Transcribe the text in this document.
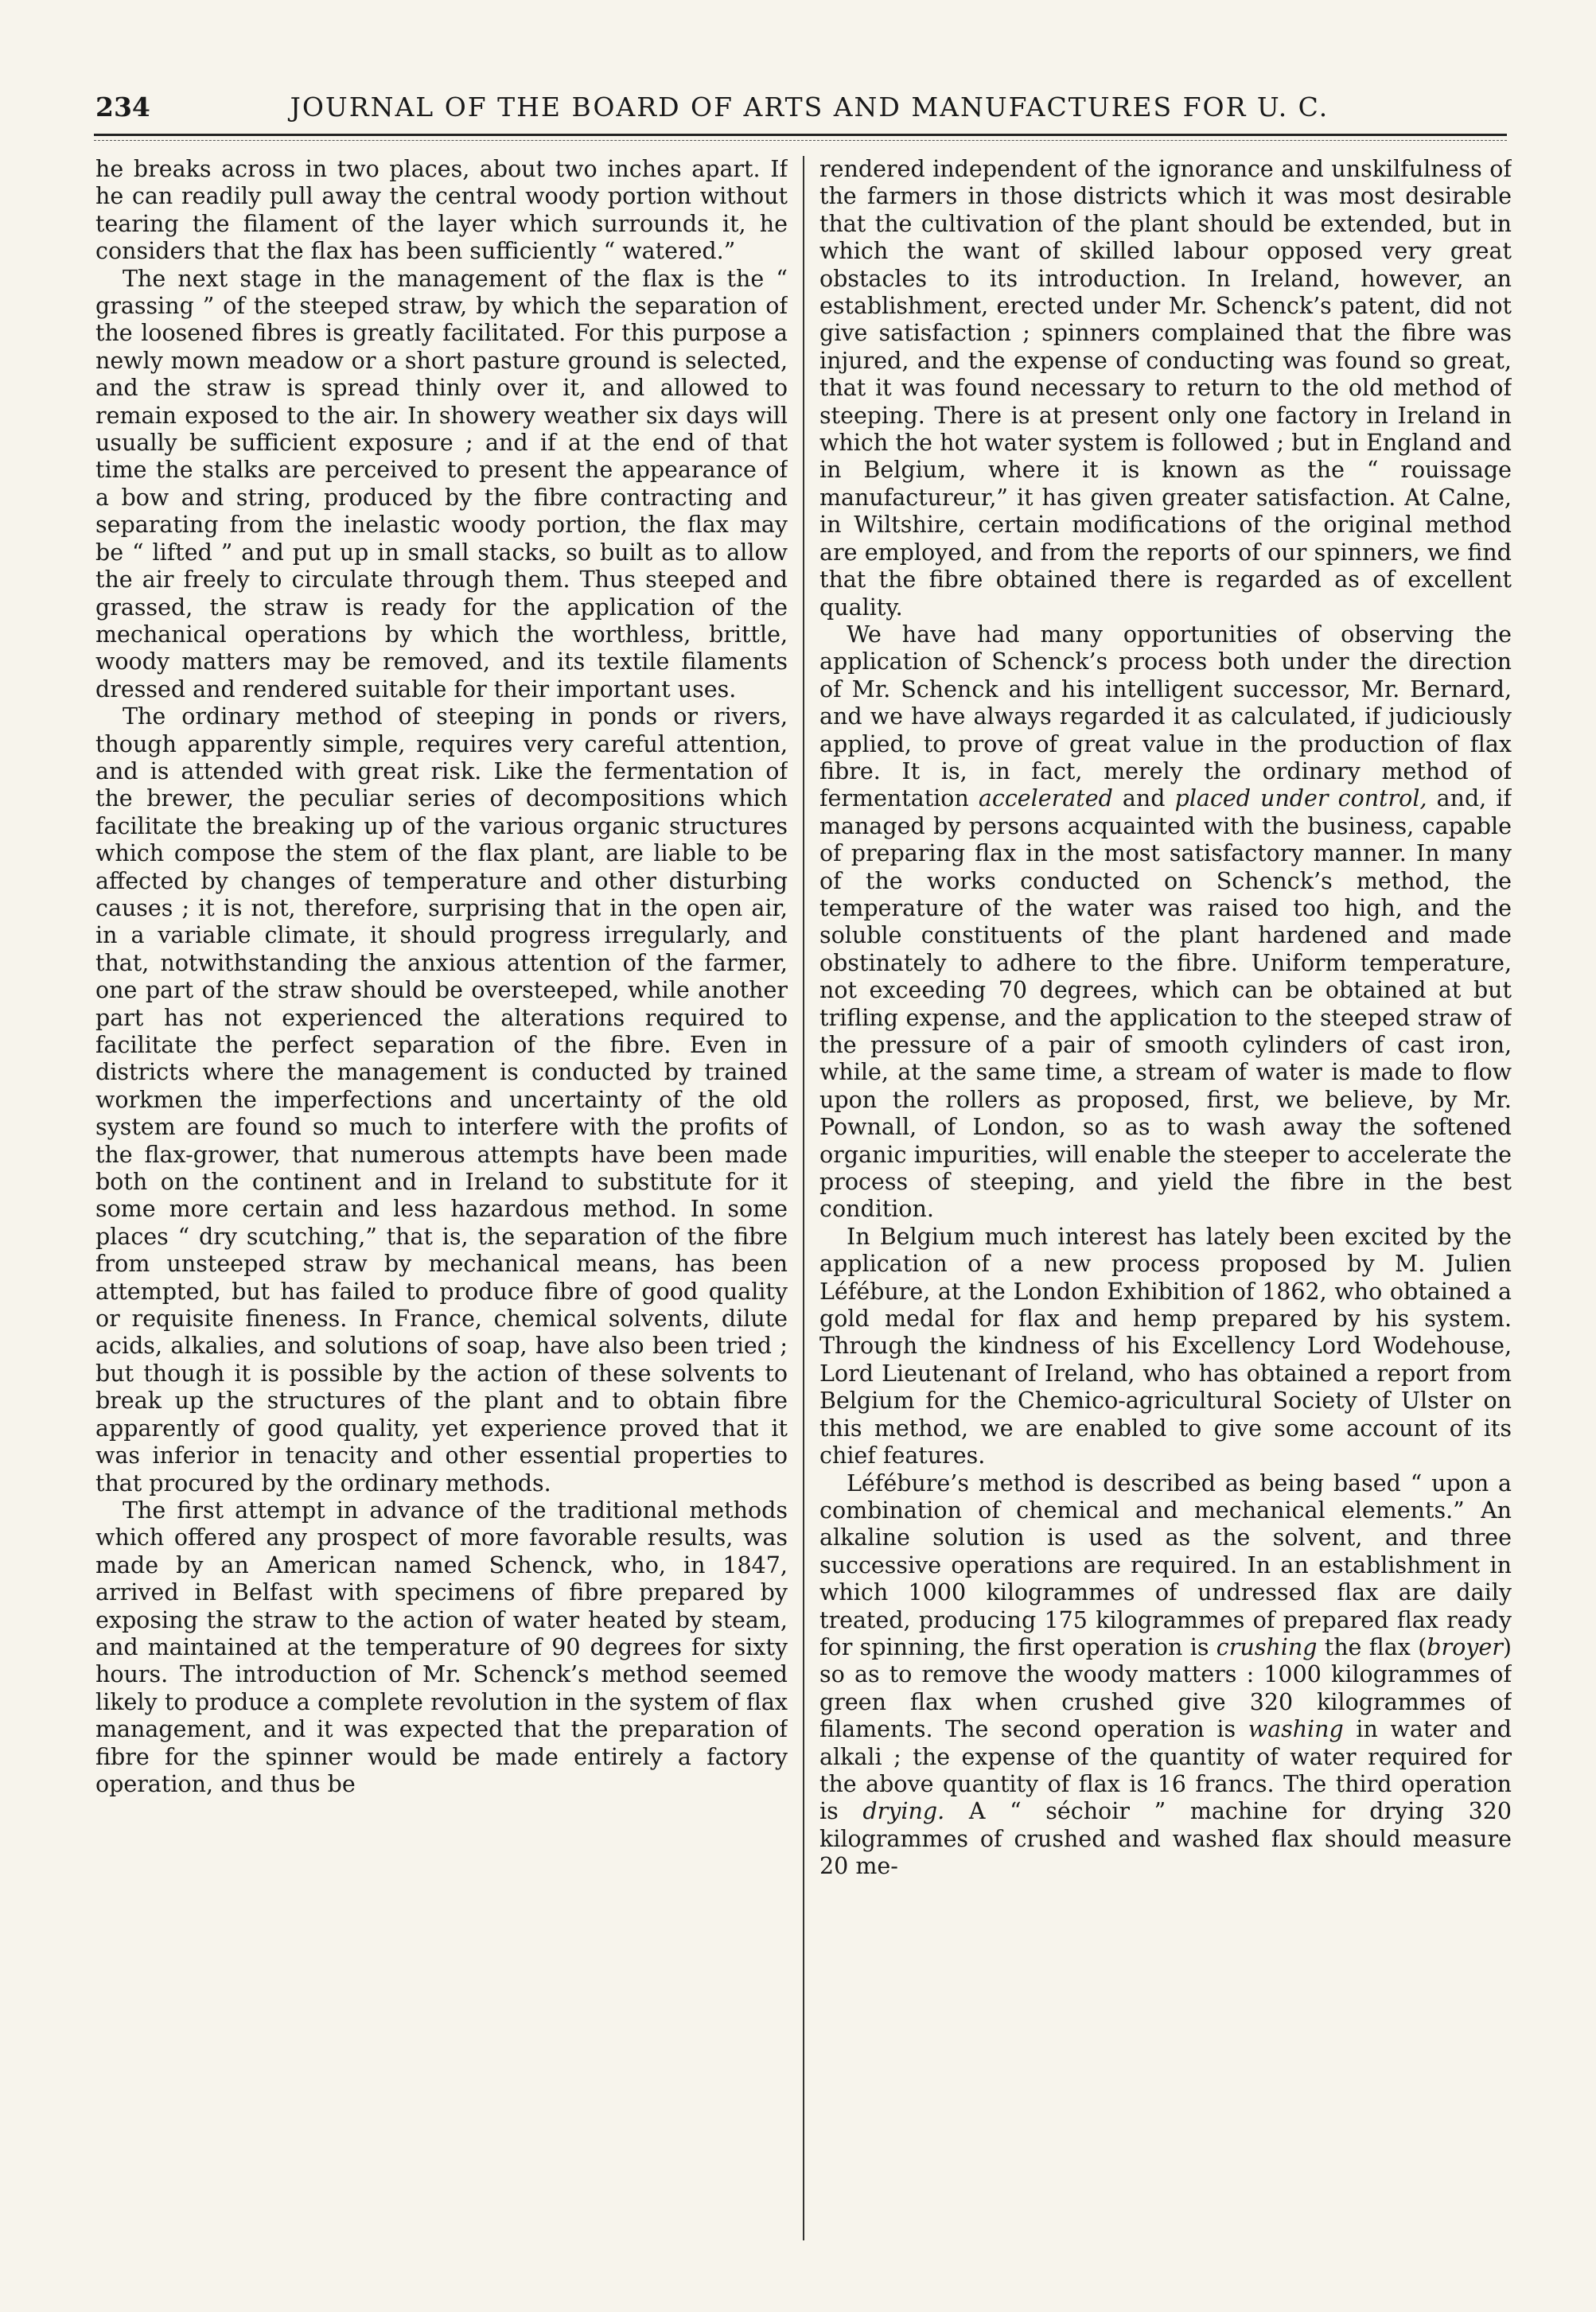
234	JOURNAL OF THE BOARD OF ARTS AND MANUFACTURES FOR U. C.

he breaks across in two places, about two inches apart. If he can readily pull away the central woody portion without tearing the filament of the layer which surrounds it, he considers that the flax has been sufficiently “ watered.”

The next stage in the management of the flax is the “ grassing ” of the steeped straw, by which the separation of the loosened fibres is greatly facilitated. For this purpose a newly mown meadow or a short pasture ground is selected, and the straw is spread thinly over it, and allowed to remain exposed to the air. In showery weather six days will usually be sufficient exposure ; and if at the end of that time the stalks are perceived to present the appearance of a bow and string, produced by the fibre contracting and separating from the inelastic woody portion, the flax may be “ lifted ” and put up in small stacks, so built as to allow the air freely to circulate through them. Thus steeped and grassed, the straw is ready for the application of the mechanical operations by which the worthless, brittle, woody matters may be removed, and its textile filaments dressed and rendered suitable for their important uses.

The ordinary method of steeping in ponds or rivers, though apparently simple, requires very careful attention, and is attended with great risk. Like the fermentation of the brewer, the peculiar series of decompositions which facilitate the breaking up of the various organic structures which compose the stem of the flax plant, are liable to be affected by changes of temperature and other disturbing causes ; it is not, therefore, surprising that in the open air, in a variable climate, it should progress irregularly, and that, notwithstanding the anxious attention of the farmer, one part of the straw should be oversteeped, while another part has not experienced the alterations required to facilitate the perfect separation of the fibre. Even in districts where the management is conducted by trained workmen the imperfections and uncertainty of the old system are found so much to interfere with the profits of the flax-grower, that numerous attempts have been made both on the continent and in Ireland to substitute for it some more certain and less hazardous method. In some places “ dry scutching,” that is, the separation of the fibre from unsteeped straw by mechanical means, has been attempted, but has failed to produce fibre of good quality or requisite fineness. In France, chemical solvents, dilute acids, alkalies, and solutions of soap, have also been tried ; but though it is possible by the action of these solvents to break up the structures of the plant and to obtain fibre apparently of good quality, yet experience proved that it was inferior in tenacity and other essential properties to that procured by the ordinary methods.

The first attempt in advance of the traditional methods which offered any prospect of more favorable results, was made by an American named Schenck, who, in 1847, arrived in Belfast with specimens of fibre prepared by exposing the straw to the action of water heated by steam, and maintained at the temperature of 90 degrees for sixty hours. The introduction of Mr. Schenck’s method seemed likely to produce a complete revolution in the system of flax management, and it was expected that the preparation of fibre for the spinner would be made entirely a factory operation, and thus be

rendered independent of the ignorance and unskilfulness of the farmers in those districts which it was most desirable that the cultivation of the plant should be extended, but in which the want of skilled labour opposed very great obstacles to its introduction. In Ireland, however, an establishment, erected under Mr. Schenck’s patent, did not give satisfaction ; spinners complained that the fibre was injured, and the expense of conducting was found so great, that it was found necessary to return to the old method of steeping. There is at present only one factory in Ireland in which the hot water system is followed ; but in England and in Belgium, where it is known as the “ rouissage manufactureur,” it has given greater satisfaction. At Calne, in Wiltshire, certain modifications of the original method are employed, and from the reports of our spinners, we find that the fibre obtained there is regarded as of excellent quality.

We have had many opportunities of observing the application of Schenck’s process both under the direction of Mr. Schenck and his intelligent successor, Mr. Bernard, and we have always regarded it as calculated, if judiciously applied, to prove of great value in the production of flax fibre. It is, in fact, merely the ordinary method of fermentation accelerated and placed under control, and, if managed by persons acquainted with the business, capable of preparing flax in the most satisfactory manner. In many of the works conducted on Schenck’s method, the temperature of the water was raised too high, and the soluble constituents of the plant hardened and made obstinately to adhere to the fibre. Uniform temperature, not exceeding 70 degrees, which can be obtained at but trifling expense, and the application to the steeped straw of the pressure of a pair of smooth cylinders of cast iron, while, at the same time, a stream of water is made to flow upon the rollers as proposed, first, we believe, by Mr. Pownall, of London, so as to wash away the softened organic impurities, will enable the steeper to accelerate the process of steeping, and yield the fibre in the best condition.

In Belgium much interest has lately been excited by the application of a new process proposed by M. Julien Léfébure, at the London Exhibition of 1862, who obtained a gold medal for flax and hemp prepared by his system. Through the kindness of his Excellency Lord Wodehouse, Lord Lieutenant of Ireland, who has obtained a report from Belgium for the Chemico-agricultural Society of Ulster on this method, we are enabled to give some account of its chief features.

Léfébure’s method is described as being based “ upon a combination of chemical and mechanical elements.” An alkaline solution is used as the solvent, and three successive operations are required. In an establishment in which 1000 kilogrammes of undressed flax are daily treated, producing 175 kilogrammes of prepared flax ready for spinning, the first operation is crushing the flax (broyer) so as to remove the woody matters : 1000 kilogrammes of green flax when crushed give 320 kilogrammes of filaments. The second operation is washing in water and alkali ; the expense of the quantity of water required for the above quantity of flax is 16 francs. The third operation is drying. A “ séchoir ” machine for drying 320 kilogrammes of crushed and washed flax should measure 20 me-
